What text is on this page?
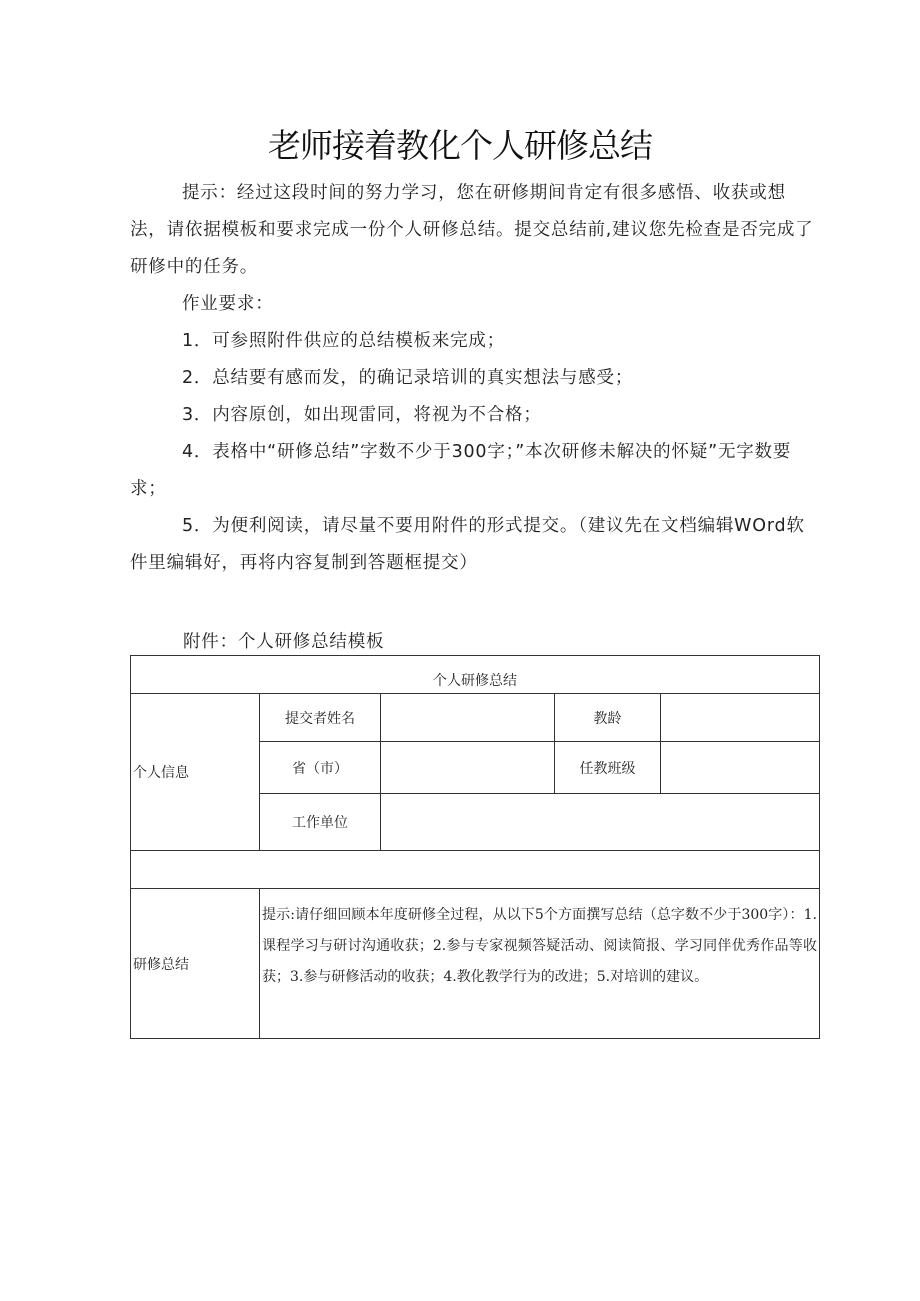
老师接着教化个人研修总结

提示：经过这段时间的努力学习，您在研修期间肯定有很多感悟、收获或想法，请依据模板和要求完成一份个人研修总结。提交总结前,建议您先检查是否完成了研修中的任务。

作业要求：

1．可参照附件供应的总结模板来完成；

2．总结要有感而发，的确记录培训的真实想法与感受；

3．内容原创，如出现雷同，将视为不合格；

4．表格中“研修总结”字数不少于300字；”本次研修未解决的怀疑”无字数要求；

5．为便利阅读，请尽量不要用附件的形式提交。（建议先在文档编辑WOrd软件里编辑好，再将内容复制到答题框提交）

附件：个人研修总结模板
个人研修总结				
个人信息	提交者姓名		教龄	
	省（市）		任教班级	
	工作单位			

研修总结	提示:请仔细回顾本年度研修全过程，从以下5个方面撰写总结（总字数不少于300字）：1.课程学习与研讨沟通收获；2.参与专家视频答疑活动、阅读简报、学习同伴优秀作品等收获；3.参与研修活动的收获；4.教化教学行为的改进；5.对培训的建议。			
